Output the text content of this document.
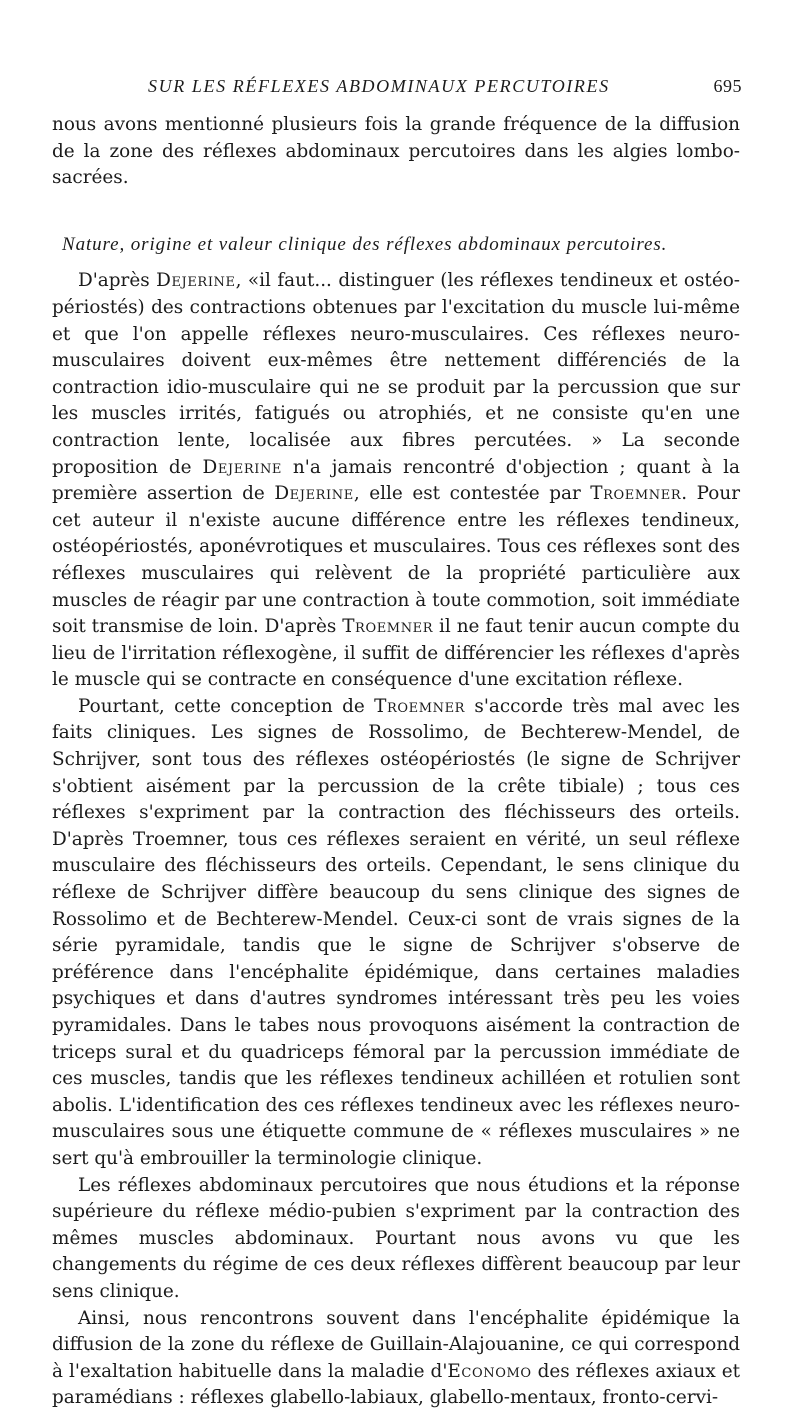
SUR LES RÉFLEXES ABDOMINAUX PERCUTOIRES	695

nous avons mentionné plusieurs fois la grande fréquence de la diffusion de la zone des réflexes abdominaux percutoires dans les algies lombo-sacrées.

Nature, origine et valeur clinique des réflexes abdominaux percutoires.

D'après Dejerine, «il faut... distinguer (les réflexes tendineux et ostéo-périostés) des contractions obtenues par l'excitation du muscle lui-même et que l'on appelle réflexes neuro-musculaires. Ces réflexes neuro-musculaires doivent eux-mêmes être nettement différenciés de la contraction idio-musculaire qui ne se produit par la percussion que sur les muscles irrités, fatigués ou atrophiés, et ne consiste qu'en une contraction lente, localisée aux fibres percutées. » La seconde proposition de Dejerine n'a jamais rencontré d'objection ; quant à la première assertion de Dejerine, elle est contestée par Troemner. Pour cet auteur il n'existe aucune différence entre les réflexes tendineux, ostéopériostés, aponévrotiques et musculaires. Tous ces réflexes sont des réflexes musculaires qui relèvent de la propriété particulière aux muscles de réagir par une contraction à toute commotion, soit immédiate soit transmise de loin. D'après Troemner il ne faut tenir aucun compte du lieu de l'irritation réflexogène, il suffit de différencier les réflexes d'après le muscle qui se contracte en conséquence d'une excitation réflexe.

Pourtant, cette conception de Troemner s'accorde très mal avec les faits cliniques. Les signes de Rossolimo, de Bechterew-Mendel, de Schrijver, sont tous des réflexes ostéopériostés (le signe de Schrijver s'obtient aisément par la percussion de la crête tibiale) ; tous ces réflexes s'expriment par la contraction des fléchisseurs des orteils. D'après Troemner, tous ces réflexes seraient en vérité, un seul réflexe musculaire des fléchisseurs des orteils. Cependant, le sens clinique du réflexe de Schrijver diffère beaucoup du sens clinique des signes de Rossolimo et de Bechterew-Mendel. Ceux-ci sont de vrais signes de la série pyramidale, tandis que le signe de Schrijver s'observe de préférence dans l'encéphalite épidémique, dans certaines maladies psychiques et dans d'autres syndromes intéressant très peu les voies pyramidales. Dans le tabes nous provoquons aisément la contraction de triceps sural et du quadriceps fémoral par la percussion immédiate de ces muscles, tandis que les réflexes tendineux achilléen et rotulien sont abolis. L'identification des ces réflexes tendineux avec les réflexes neuro-musculaires sous une étiquette commune de « réflexes musculaires » ne sert qu'à embrouiller la terminologie clinique.

Les réflexes abdominaux percutoires que nous étudions et la réponse supérieure du réflexe médio-pubien s'expriment par la contraction des mêmes muscles abdominaux. Pourtant nous avons vu que les changements du régime de ces deux réflexes diffèrent beaucoup par leur sens clinique.

Ainsi, nous rencontrons souvent dans l'encéphalite épidémique la diffusion de la zone du réflexe de Guillain-Alajouanine, ce qui correspond à l'exaltation habituelle dans la maladie d'Economo des réflexes axiaux et paramédians : réflexes glabello-labiaux, glabello-mentaux, fronto-cervi-
